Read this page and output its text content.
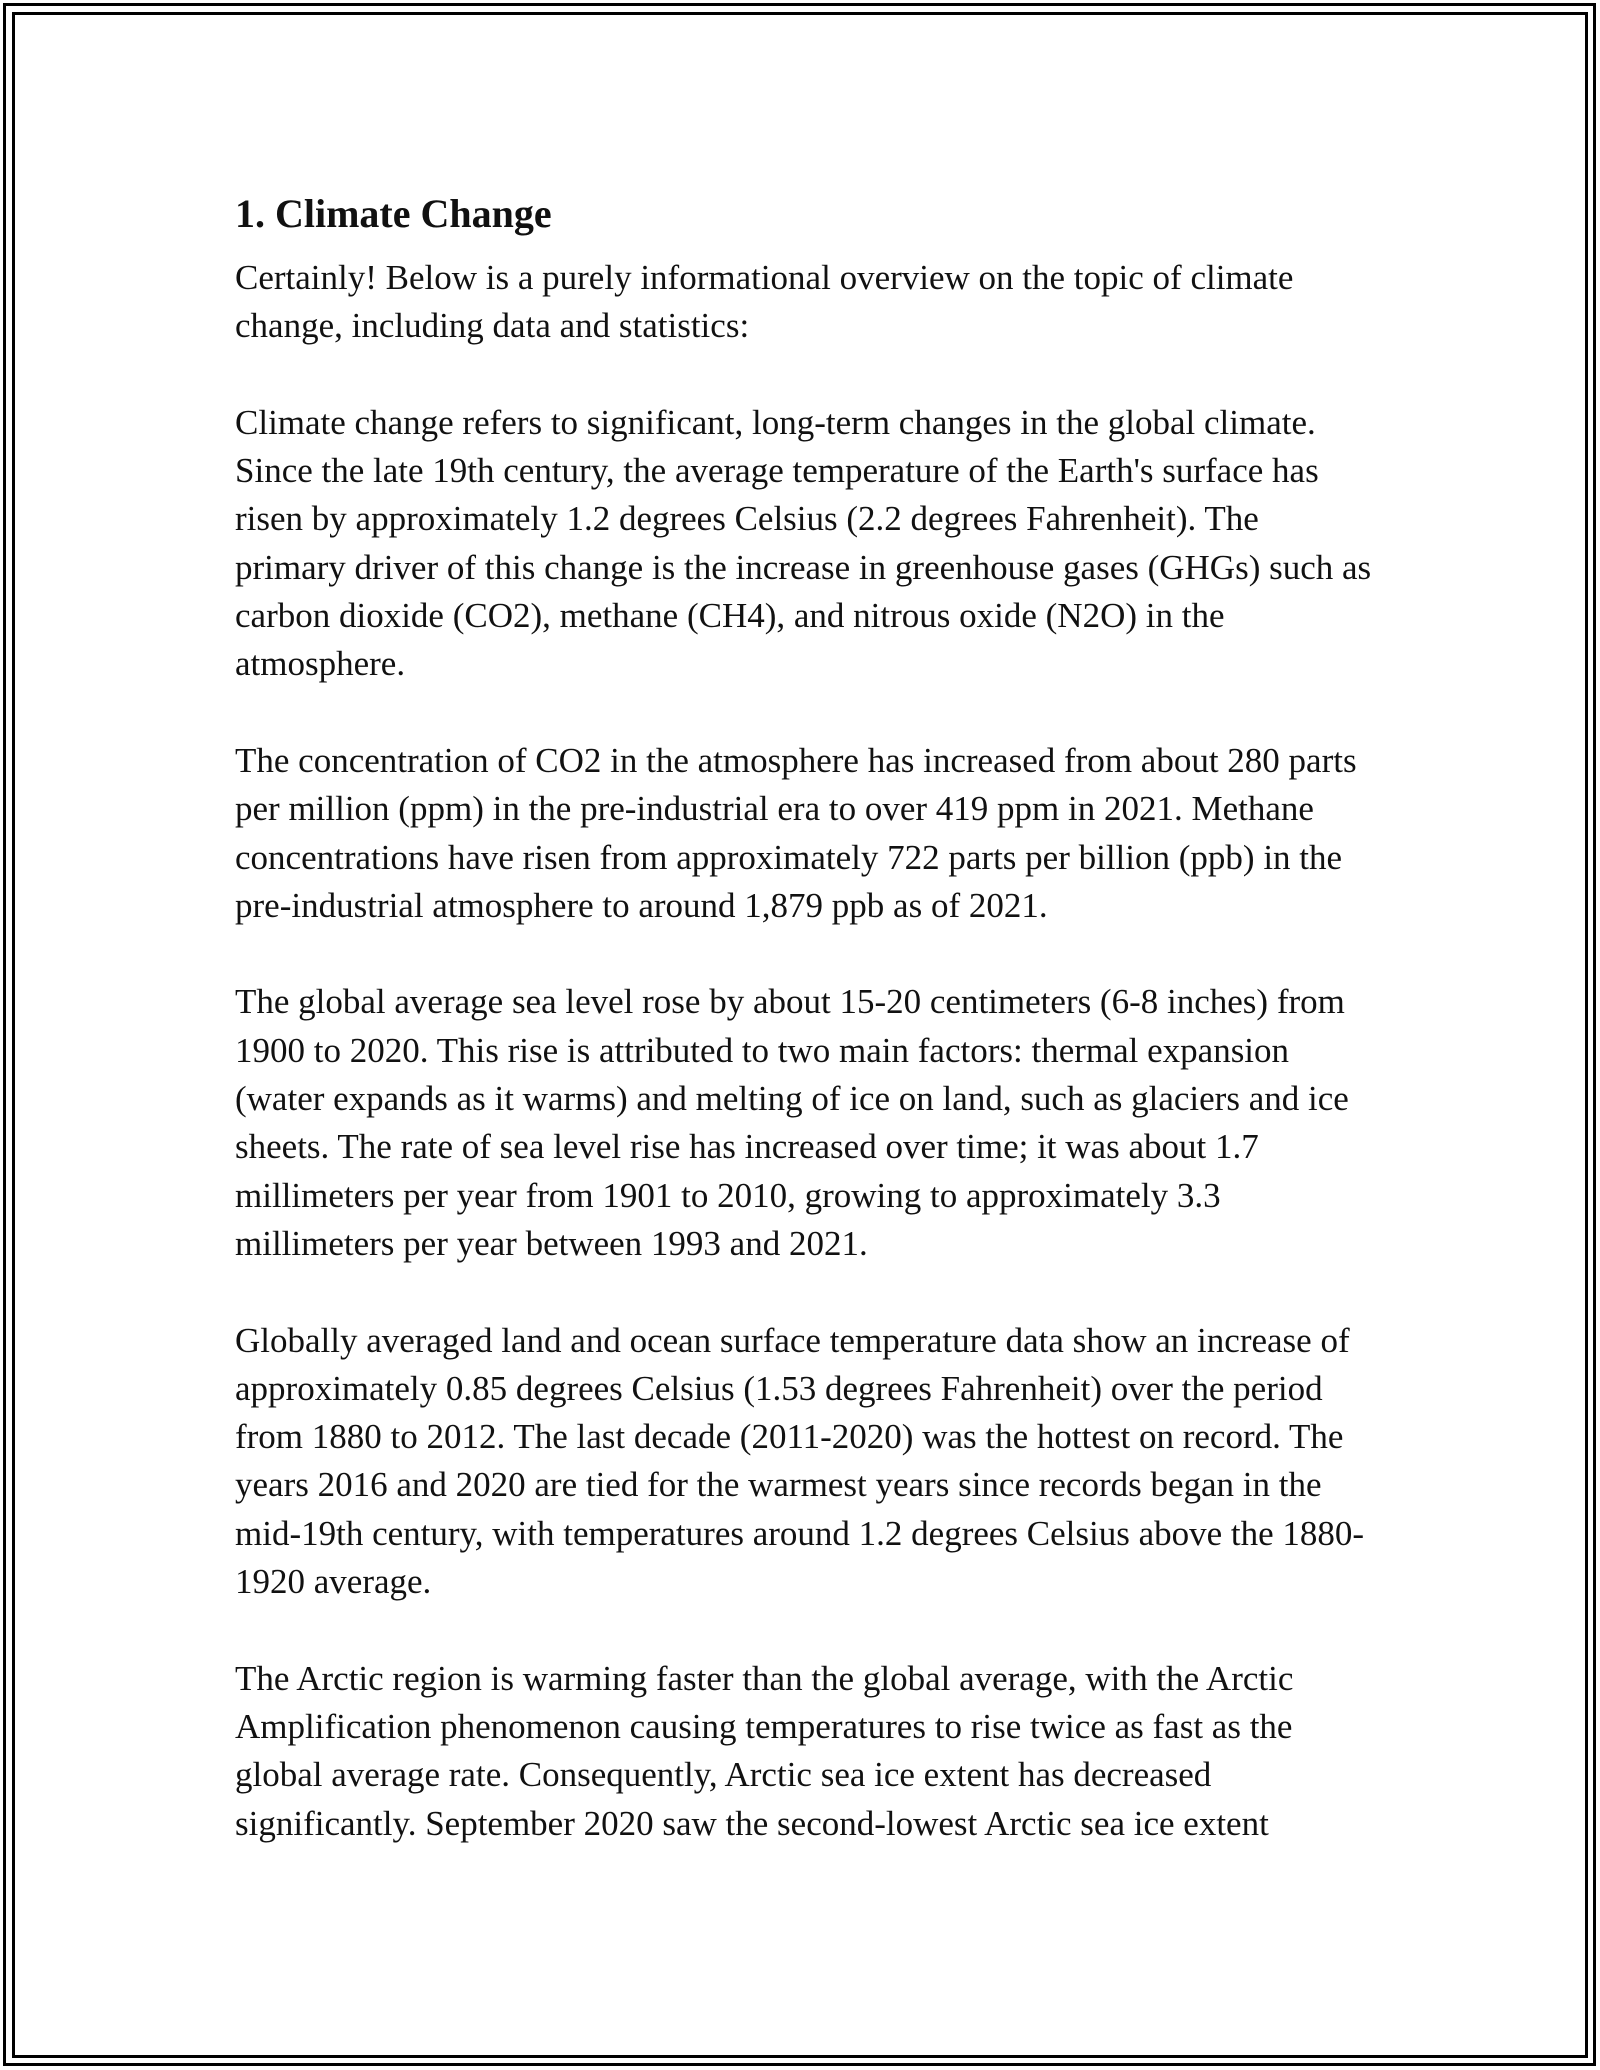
1. Climate Change

Certainly! Below is a purely informational overview on the topic of climate change, including data and statistics:

Climate change refers to significant, long-term changes in the global climate. Since the late 19th century, the average temperature of the Earth's surface has risen by approximately 1.2 degrees Celsius (2.2 degrees Fahrenheit). The primary driver of this change is the increase in greenhouse gases (GHGs) such as carbon dioxide (CO2), methane (CH4), and nitrous oxide (N2O) in the atmosphere.

The concentration of CO2 in the atmosphere has increased from about 280 parts per million (ppm) in the pre-industrial era to over 419 ppm in 2021. Methane concentrations have risen from approximately 722 parts per billion (ppb) in the pre-industrial atmosphere to around 1,879 ppb as of 2021.

The global average sea level rose by about 15-20 centimeters (6-8 inches) from 1900 to 2020. This rise is attributed to two main factors: thermal expansion (water expands as it warms) and melting of ice on land, such as glaciers and ice sheets. The rate of sea level rise has increased over time; it was about 1.7 millimeters per year from 1901 to 2010, growing to approximately 3.3 millimeters per year between 1993 and 2021.

Globally averaged land and ocean surface temperature data show an increase of approximately 0.85 degrees Celsius (1.53 degrees Fahrenheit) over the period from 1880 to 2012. The last decade (2011-2020) was the hottest on record. The years 2016 and 2020 are tied for the warmest years since records began in the mid-19th century, with temperatures around 1.2 degrees Celsius above the 1880-1920 average.

The Arctic region is warming faster than the global average, with the Arctic Amplification phenomenon causing temperatures to rise twice as fast as the global average rate. Consequently, Arctic sea ice extent has decreased significantly. September 2020 saw the second-lowest Arctic sea ice extent
